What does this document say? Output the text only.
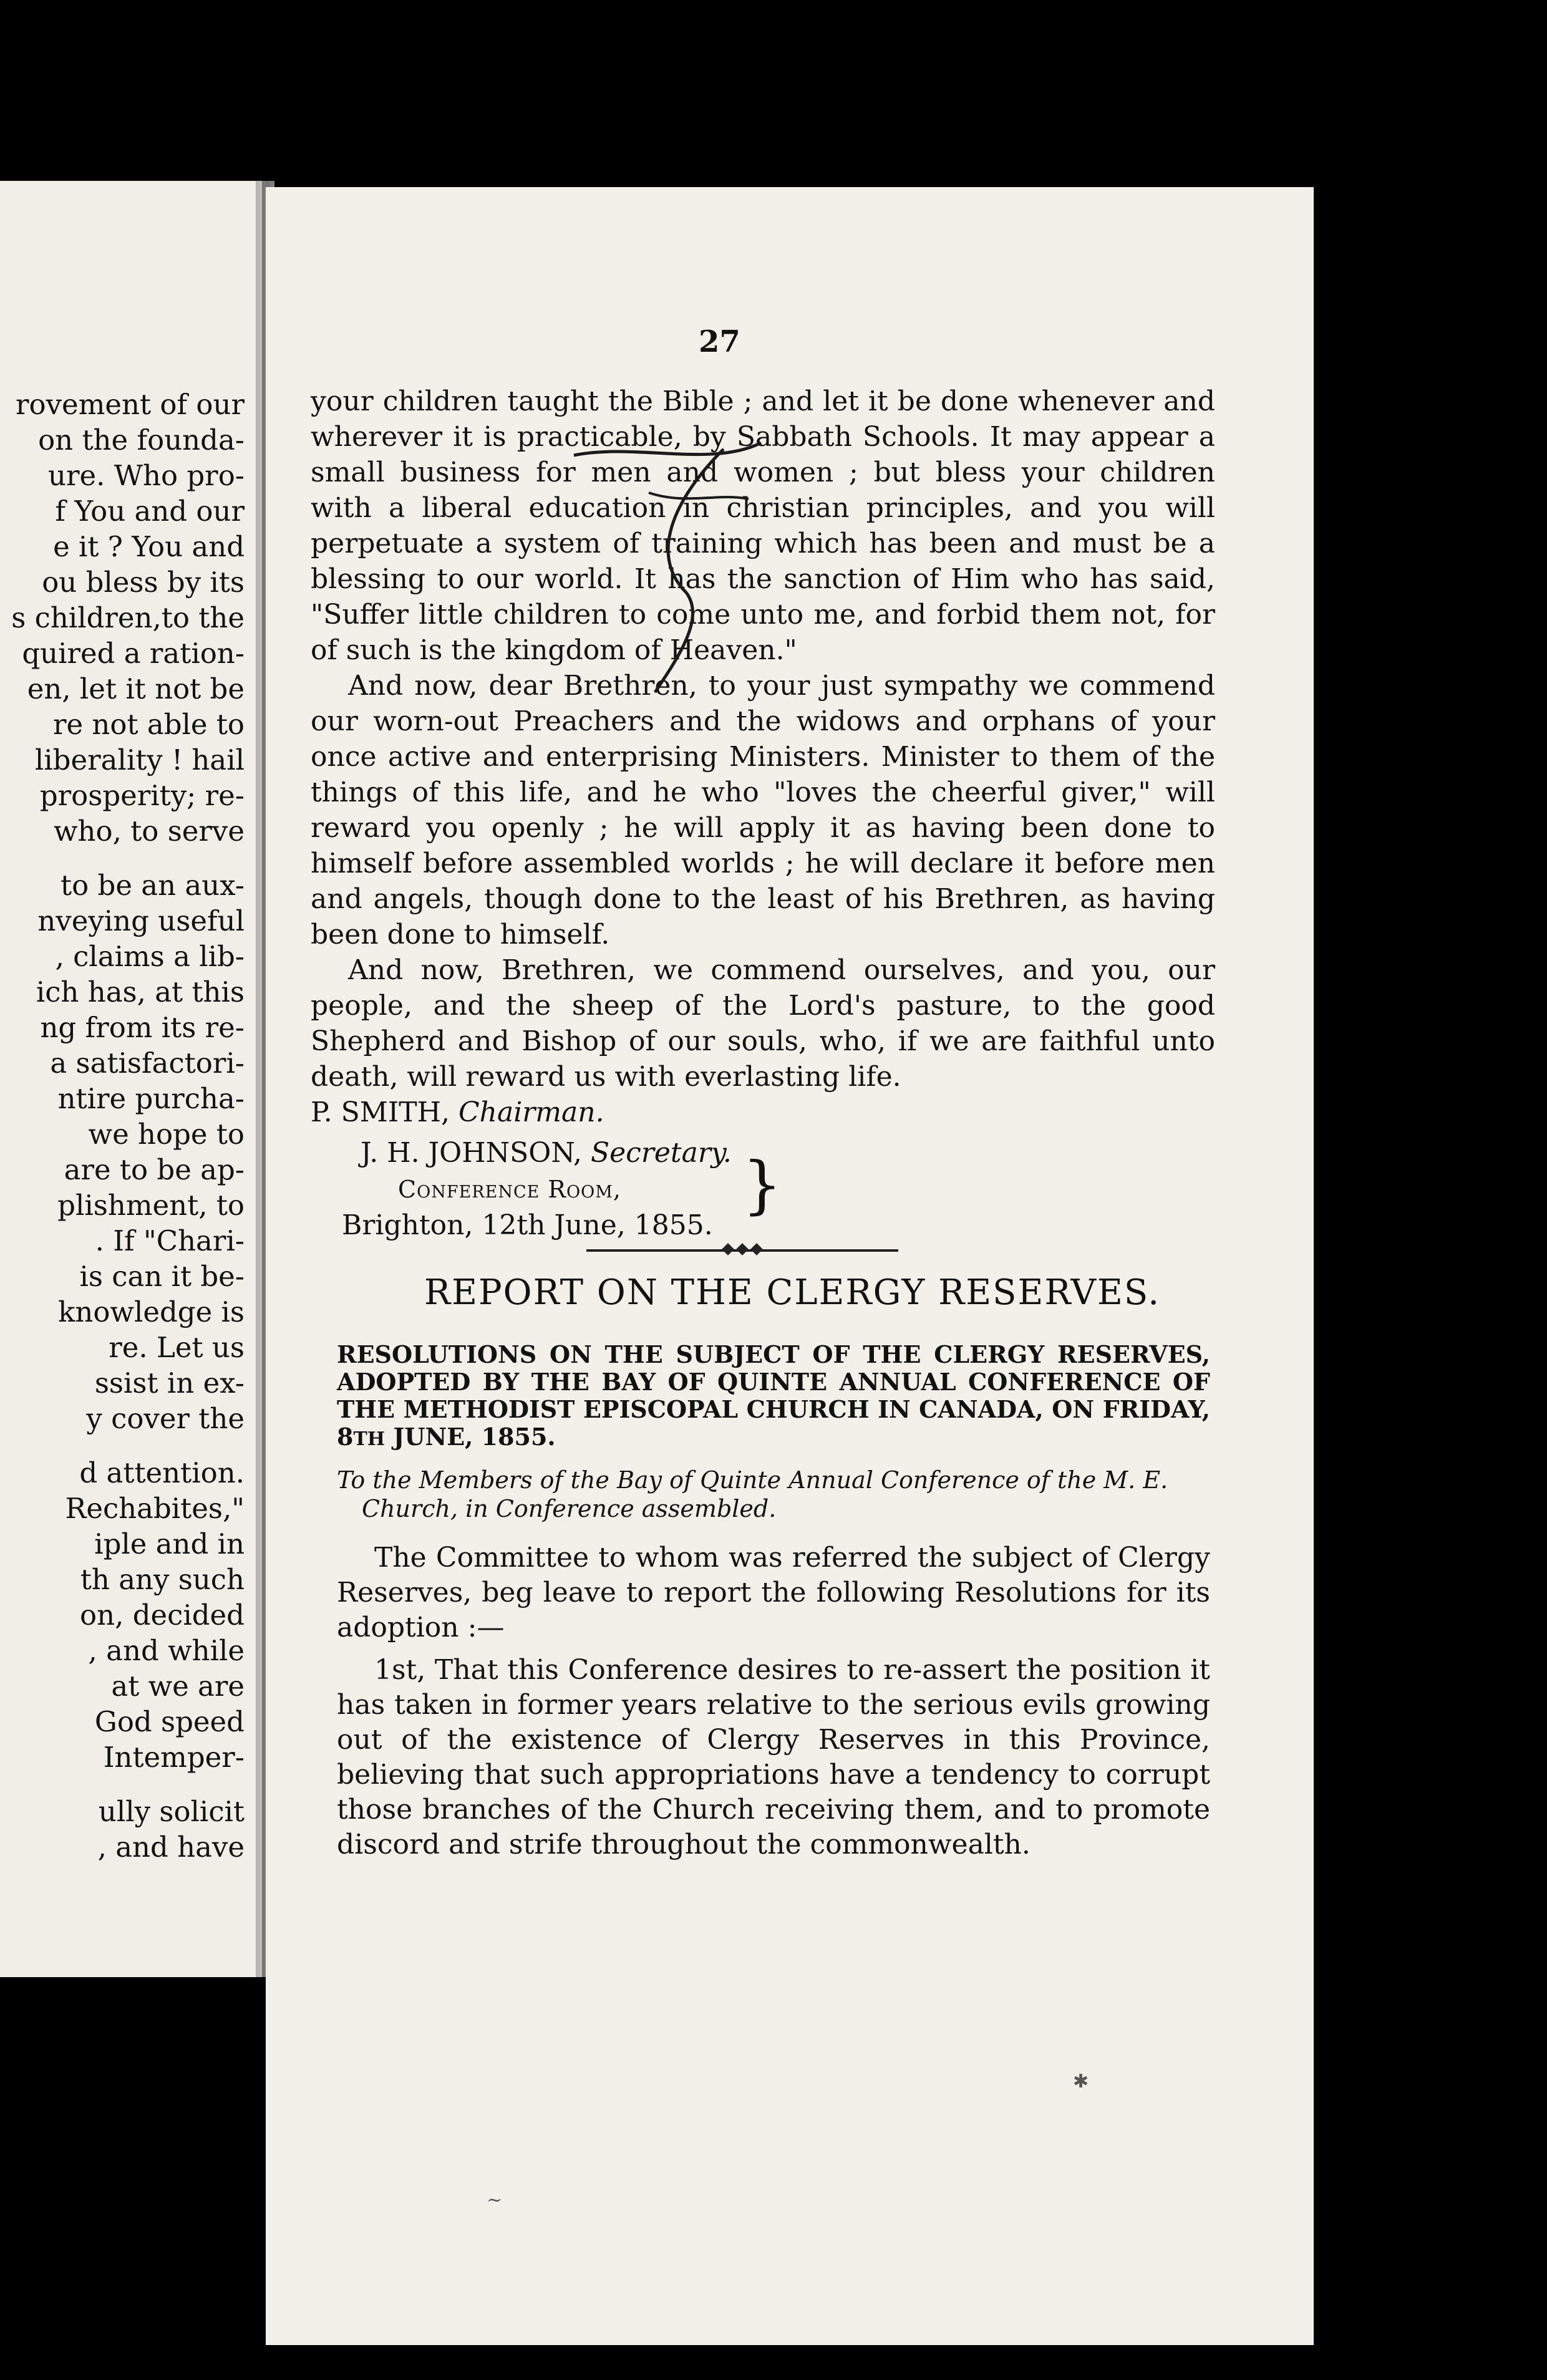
rovement of our
on the founda-
ure. Who pro-
f You and our
e it ? You and
ou bless by its
s children,to the
quired a ration-
en, let it not be
re not able to
liberality ! hail
prosperity; re-
who, to serve
to be an aux-
nveying useful
, claims a lib-
ich has, at this
ng from its re-
a satisfactori-
ntire purcha-
we hope to
are to be ap-
plishment, to
. If "Chari-
is can it be-
knowledge is
re. Let us
ssist in ex-
y cover the
d attention.
Rechabites,"
iple and in
th any such
on, decided
, and while
at we are
God speed
Intemper-
ully solicit
, and have
27

your children taught the Bible ; and let it be done whenever and wherever it is practicable, by Sabbath Schools. It may appear a small business for men and women ; but bless your children with a liberal education in christian principles, and you will perpetuate a system of training which has been and must be a blessing to our world. It has the sanction of Him who has said, "Suffer little children to come unto me, and forbid them not, for of such is the kingdom of Heaven."

And now, dear Brethren, to your just sympathy we commend our worn-out Preachers and the widows and orphans of your once active and enterprising Ministers. Minister to them of the things of this life, and he who "loves the cheerful giver," will reward you openly ; he will apply it as having been done to himself before assembled worlds ; he will declare it before men and angels, though done to the least of his Brethren, as having been done to himself.

And now, Brethren, we commend ourselves, and you, our people, and the sheep of the Lord's pasture, to the good Shepherd and Bishop of our souls, who, if we are faithful unto death, will reward us with everlasting life.

P. SMITH, Chairman.

J. H. JOHNSON, Secretary.

Conference Room,

Brighton, 12th June, 1855.

}
REPORT ON THE CLERGY RESERVES.
RESOLUTIONS ON THE SUBJECT OF THE CLERGY RESERVES, ADOPTED BY THE BAY OF QUINTE ANNUAL CONFERENCE OF THE METHODIST EPISCOPAL CHURCH IN CANADA, ON FRIDAY, 8TH JUNE, 1855.
To the Members of the Bay of Quinte Annual Conference of the M. E.
Church, in Conference assembled.

The Committee to whom was referred the subject of Clergy Reserves, beg leave to report the following Resolutions for its adoption :—

1st, That this Conference desires to re-assert the position it has taken in former years relative to the serious evils growing out of the existence of Clergy Reserves in this Province, believing that such appropriations have a tendency to corrupt those branches of the Church receiving them, and to promote discord and strife throughout the commonwealth.

✱
~
